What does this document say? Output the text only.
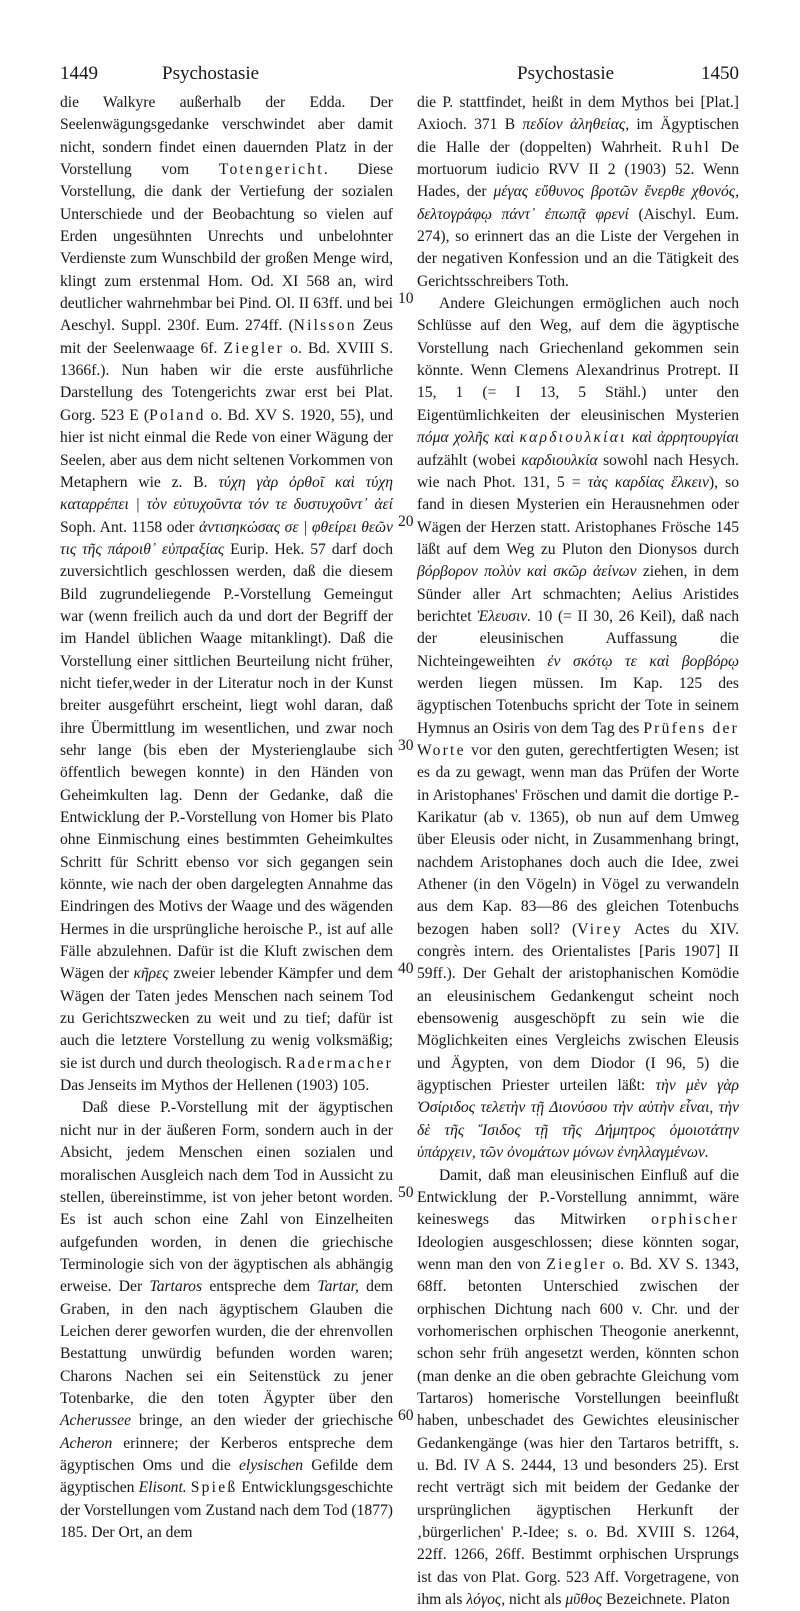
1449	Psychostasie	Psychostasie	1450

die Walkyre außerhalb der Edda. Der Seelenwägungsgedanke verschwindet aber damit nicht, sondern findet einen dauernden Platz in der Vorstellung vom Totengericht. Diese Vorstellung, die dank der Vertiefung der sozialen Unterschiede und der Beobachtung so vielen auf Erden ungesühnten Unrechts und unbelohnter Verdienste zum Wunschbild der großen Menge wird, klingt zum erstenmal Hom. Od. XI 568 an, wird deutlicher wahrnehmbar bei Pind. Ol. II 63ff. und bei Aeschyl. Suppl. 230f. Eum. 274ff. (Nilsson Zeus mit der Seelenwaage 6f. Ziegler o. Bd. XVIII S. 1366f.). Nun haben wir die erste ausführliche Darstellung des Totengerichts zwar erst bei Plat. Gorg. 523 E (Poland o. Bd. XV S. 1920, 55), und hier ist nicht einmal die Rede von einer Wägung der Seelen, aber aus dem nicht seltenen Vorkommen von Metaphern wie z. B. τύχη γὰρ ὀρθοῖ καὶ τύχη καταρρέπει | τὸν εὐτυχοῦντα τόν τε δυστυχοῦντ᾽ ἀεί Soph. Ant. 1158 oder ἀντισηκώσας σε | φθείρει θεῶν τις τῆς πάροιθ᾽ εὐπραξίας Eurip. Hek. 57 darf doch zuversichtlich geschlossen werden, daß die diesem Bild zugrundeliegende P.-Vorstellung Gemeingut war (wenn freilich auch da und dort der Begriff der im Handel üblichen Waage mitanklingt). Daß die Vorstellung einer sittlichen Beurteilung nicht früher, nicht tiefer,weder in der Literatur noch in der Kunst breiter ausgeführt erscheint, liegt wohl daran, daß ihre Übermittlung im wesentlichen, und zwar noch sehr lange (bis eben der Mysterienglaube sich öffentlich bewegen konnte) in den Händen von Geheimkulten lag. Denn der Gedanke, daß die Entwicklung der P.-Vorstellung von Homer bis Plato ohne Einmischung eines bestimmten Geheimkultes Schritt für Schritt ebenso vor sich gegangen sein könnte, wie nach der oben dargelegten Annahme das Eindringen des Motivs der Waage und des wägenden Hermes in die ursprüngliche heroische P., ist auf alle Fälle abzulehnen. Dafür ist die Kluft zwischen dem Wägen der κῆρες zweier lebender Kämpfer und dem Wägen der Taten jedes Menschen nach seinem Tod zu Gerichtszwecken zu weit und zu tief; dafür ist auch die letztere Vorstellung zu wenig volksmäßig; sie ist durch und durch theologisch. Radermacher Das Jenseits im Mythos der Hellenen (1903) 105.

Daß diese P.-Vorstellung mit der ägyptischen nicht nur in der äußeren Form, sondern auch in der Absicht, jedem Menschen einen sozialen und moralischen Ausgleich nach dem Tod in Aussicht zu stellen, übereinstimme, ist von jeher betont worden. Es ist auch schon eine Zahl von Einzelheiten aufgefunden worden, in denen die griechische Terminologie sich von der ägyptischen als abhängig erweise. Der Tartaros entspreche dem Tartar, dem Graben, in den nach ägyptischem Glauben die Leichen derer geworfen wurden, die der ehrenvollen Bestattung unwürdig befunden worden waren; Charons Nachen sei ein Seitenstück zu jener Totenbarke, die den toten Ägypter über den Acherussee bringe, an den wieder der griechische Acheron erinnere; der Kerberos entspreche dem ägyptischen Oms und die elysischen Gefilde dem ägyptischen Elisont. Spieß Entwicklungsgeschichte der Vorstellungen vom Zustand nach dem Tod (1877) 185. Der Ort, an dem

10
20
30
40
50
60

die P. stattfindet, heißt in dem Mythos bei [Plat.] Axioch. 371 B πεδίον ἀληθείας, im Ägyptischen die Halle der (doppelten) Wahrheit. Ruhl De mortuorum iudicio RVV II 2 (1903) 52. Wenn Hades, der μέγας εὔθυνος βροτῶν ἔνερθε χθονός, δελτογράφῳ πάντ᾽ ἐπωπᾷ φρενί (Aischyl. Eum. 274), so erinnert das an die Liste der Vergehen in der negativen Konfession und an die Tätigkeit des Gerichtsschreibers Toth.

Andere Gleichungen ermöglichen auch noch Schlüsse auf den Weg, auf dem die ägyptische Vorstellung nach Griechenland gekommen sein könnte. Wenn Clemens Alexandrinus Protrept. II 15, 1 (= I 13, 5 Stähl.) unter den Eigentümlichkeiten der eleusinischen Mysterien πόμα χολῆς καὶ καρδιουλκίαι καὶ ἀρρητουργίαι aufzählt (wobei καρδιουλκία sowohl nach Hesych. wie nach Phot. 131, 5 = τὰς καρδίας ἕλκειν), so fand in diesen Mysterien ein Herausnehmen oder Wägen der Herzen statt. Aristophanes Frösche 145 läßt auf dem Weg zu Pluton den Dionysos durch βόρβορον πολὺν καὶ σκῶρ ἀείνων ziehen, in dem Sünder aller Art schmachten; Aelius Aristides berichtet Ἐλευσιν. 10 (= II 30, 26 Keil), daß nach der eleusinischen Auffassung die Nichteingeweihten ἐν σκότῳ τε καὶ βορβόρῳ werden liegen müssen. Im Kap. 125 des ägyptischen Totenbuchs spricht der Tote in seinem Hymnus an Osiris von dem Tag des Prüfens der Worte vor den guten, gerechtfertigten Wesen; ist es da zu gewagt, wenn man das Prüfen der Worte in Aristophanes' Fröschen und damit die dortige P.-Karikatur (ab v. 1365), ob nun auf dem Umweg über Eleusis oder nicht, in Zusammenhang bringt, nachdem Aristophanes doch auch die Idee, zwei Athener (in den Vögeln) in Vögel zu verwandeln aus dem Kap. 83—86 des gleichen Totenbuchs bezogen haben soll? (Virey Actes du XIV. congrès intern. des Orientalistes [Paris 1907] II 59ff.). Der Gehalt der aristophanischen Komödie an eleusinischem Gedankengut scheint noch ebensowenig ausgeschöpft zu sein wie die Möglichkeiten eines Vergleichs zwischen Eleusis und Ägypten, von dem Diodor (I 96, 5) die ägyptischen Priester urteilen läßt: τὴν μὲν γὰρ Ὀσίριδος τελετὴν τῇ Διονύσου τὴν αὐτὴν εἶναι, τὴν δὲ τῆς Ἴσιδος τῇ τῆς Δήμητρος ὁμοιοτάτην ὑπάρχειν, τῶν ὀνομάτων μόνων ἐνηλλαγμένων.

Damit, daß man eleusinischen Einfluß auf die Entwicklung der P.-Vorstellung annimmt, wäre keineswegs das Mitwirken orphischer Ideologien ausgeschlossen; diese könnten sogar, wenn man den von Ziegler o. Bd. XV S. 1343, 68ff. betonten Unterschied zwischen der orphischen Dichtung nach 600 v. Chr. und der vorhomerischen orphischen Theogonie anerkennt, schon sehr früh angesetzt werden, könnten schon (man denke an die oben gebrachte Gleichung vom Tartaros) homerische Vorstellungen beeinflußt haben, unbeschadet des Gewichtes eleusinischer Gedankengänge (was hier den Tartaros betrifft, s. u. Bd. IV A S. 2444, 13 und besonders 25). Erst recht verträgt sich mit beidem der Gedanke der ursprünglichen ägyptischen Herkunft der ‚bürgerlichen' P.-Idee; s. o. Bd. XVIII S. 1264, 22ff. 1266, 26ff. Bestimmt orphischen Ursprungs ist das von Plat. Gorg. 523 Aff. Vorgetragene, von ihm als λόγος, nicht als μῦθος Bezeichnete. Platon
